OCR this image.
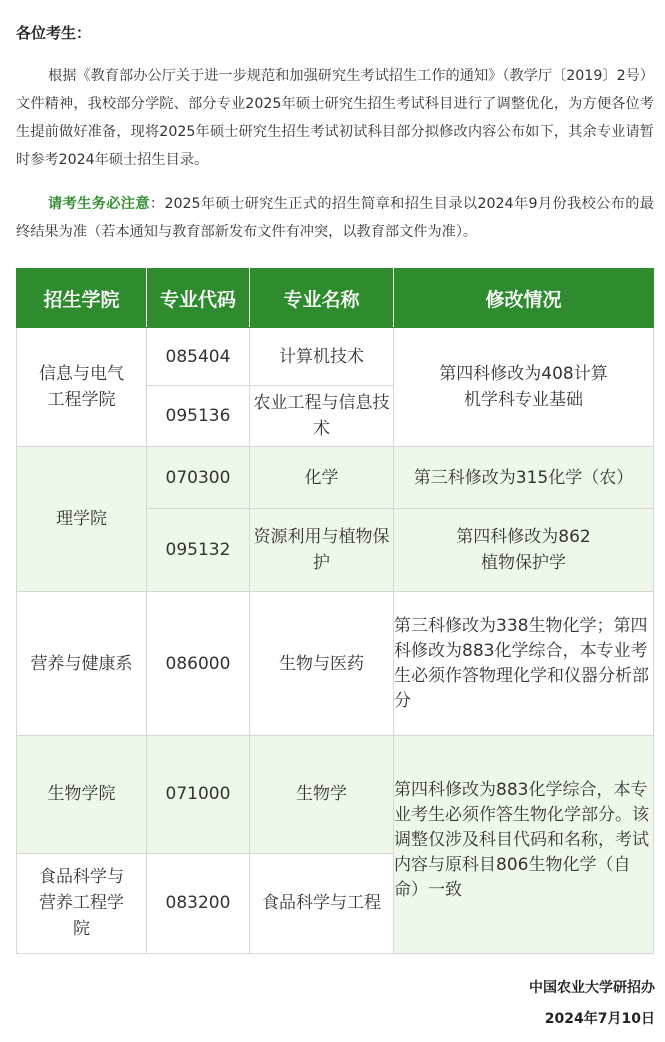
各位考生：

根据《教育部办公厅关于进一步规范和加强研究生考试招生工作的通知》（教学厅〔2019〕2号）文件精神，我校部分学院、部分专业2025年硕士研究生招生考试科目进行了调整优化，为方便各位考生提前做好准备，现将2025年硕士研究生招生考试初试科目部分拟修改内容公布如下，其余专业请暂时参考2024年硕士招生目录。

请考生务必注意：2025年硕士研究生正式的招生简章和招生目录以2024年9月份我校公布的最终结果为准（若本通知与教育部新发布文件有冲突，以教育部文件为准）。

招生学院	专业代码	专业名称	修改情况
信息与电气工程学院	085404	计算机技术	第四科修改为408计算机学科专业基础
	095136	农业工程与信息技术	
理学院	070300	化学	第三科修改为315化学（农）
	095132	资源利用与植物保护	第四科修改为862植物保护学
营养与健康系	086000	生物与医药	第三科修改为338生物化学；第四科修改为883化学综合，本专业考生必须作答物理化学和仪器分析部分
生物学院	071000	生物学	第四科修改为883化学综合，本专业考生必须作答生物化学部分。该调整仅涉及科目代码和名称，考试内容与原科目806生物化学（自命）一致
食品科学与营养工程学院	083200	食品科学与工程	
中国农业大学研招办
2024年7月10日
